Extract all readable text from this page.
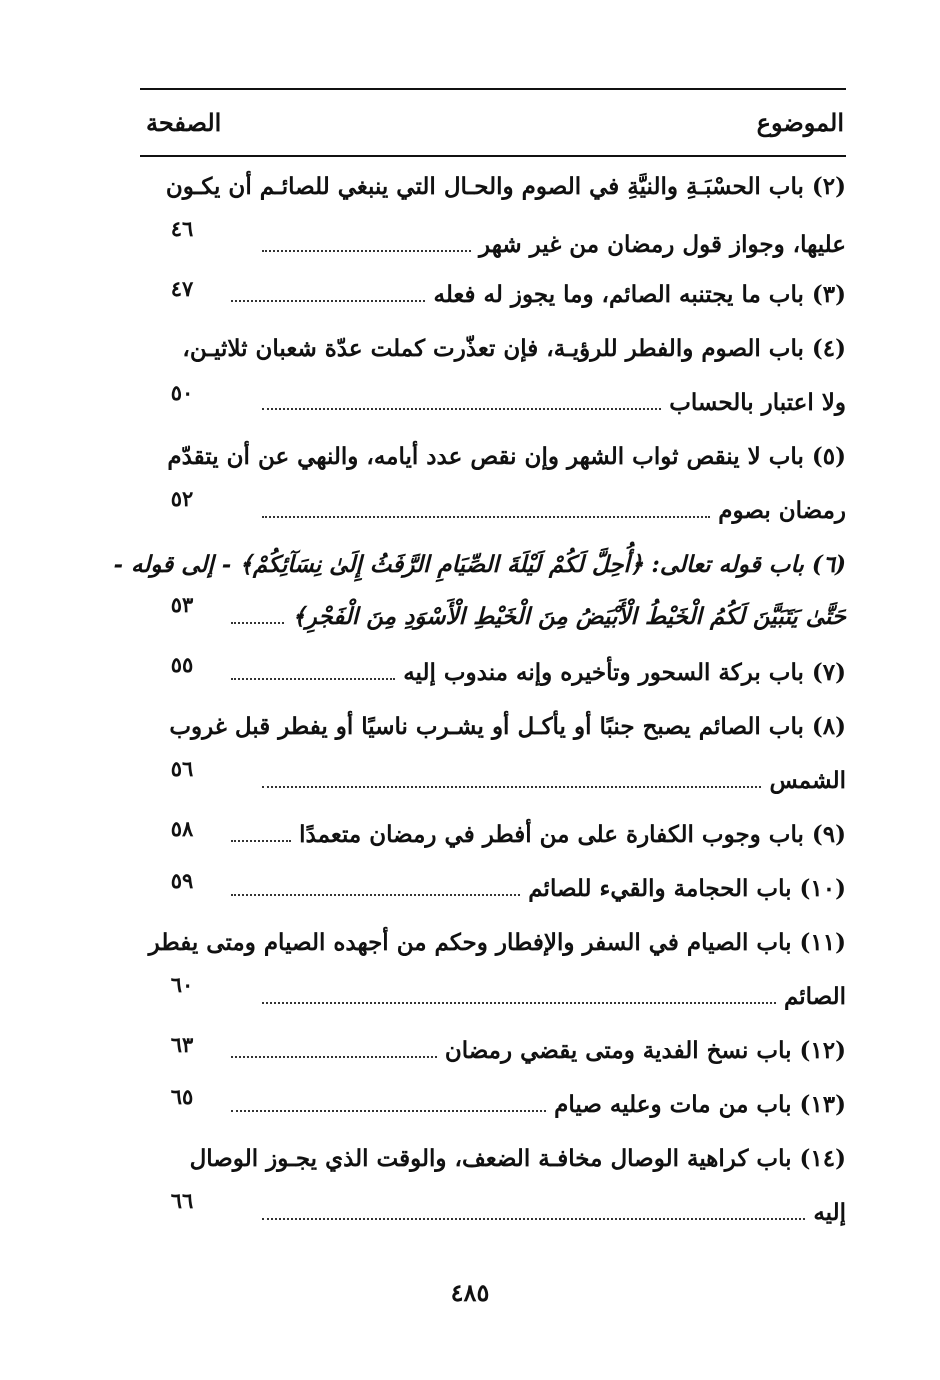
الموضوع
الصفحة
(٢) باب الحسْبَـةِ والنيَّةِ في الصوم والحـال التي ينبغي للصائـم أن يكـون
عليها، وجواز قول رمضان من غير شهر
٤٦
(٣) باب ما يجتنبه الصائم، وما يجوز له فعله
٤٧
(٤) باب الصوم والفطر للرؤيـة، فإن تعذّرت كملت عدّة شعبان ثلاثيـن،
ولا اعتبار بالحساب
٥٠
(٥) باب لا ينقص ثواب الشهر وإن نقص عدد أيامه، والنهي عن أن يتقدّم
رمضان بصوم
٥٢
(٦) باب قوله تعالى: ﴿أُحِلَّ لَكُمْ لَيْلَةَ الصِّيَامِ الرَّفَثُ إِلَىٰ نِسَآئِكُمْ﴾ - إلى قوله -
حَتَّىٰ يَتَبَيَّنَ لَكُمُ الْخَيْطُ الْأَبْيَضُ مِنَ الْخَيْطِ الْأَسْوَدِ مِنَ الْفَجْرِ﴾
٥٣
(٧) باب بركة السحور وتأخيره وإنه مندوب إليه
٥٥
(٨) باب الصائم يصبح جنبًا أو يأكـل أو يشـرب ناسيًا أو يفطر قبل غروب
الشمس
٥٦
(٩) باب وجوب الكفارة على من أفطر في رمضان متعمدًا
٥٨
(١٠) باب الحجامة والقيء للصائم
٥٩
(١١) باب الصيام في السفر والإفطار وحكم من أجهده الصيام ومتى يفطر
الصائم
٦٠
(١٢) باب نسخ الفدية ومتى يقضي رمضان
٦٣
(١٣) باب من مات وعليه صيام
٦٥
(١٤) باب كراهية الوصال مخافـة الضعف، والوقت الذي يجـوز الوصال
إليه
٦٦
٤٨٥
